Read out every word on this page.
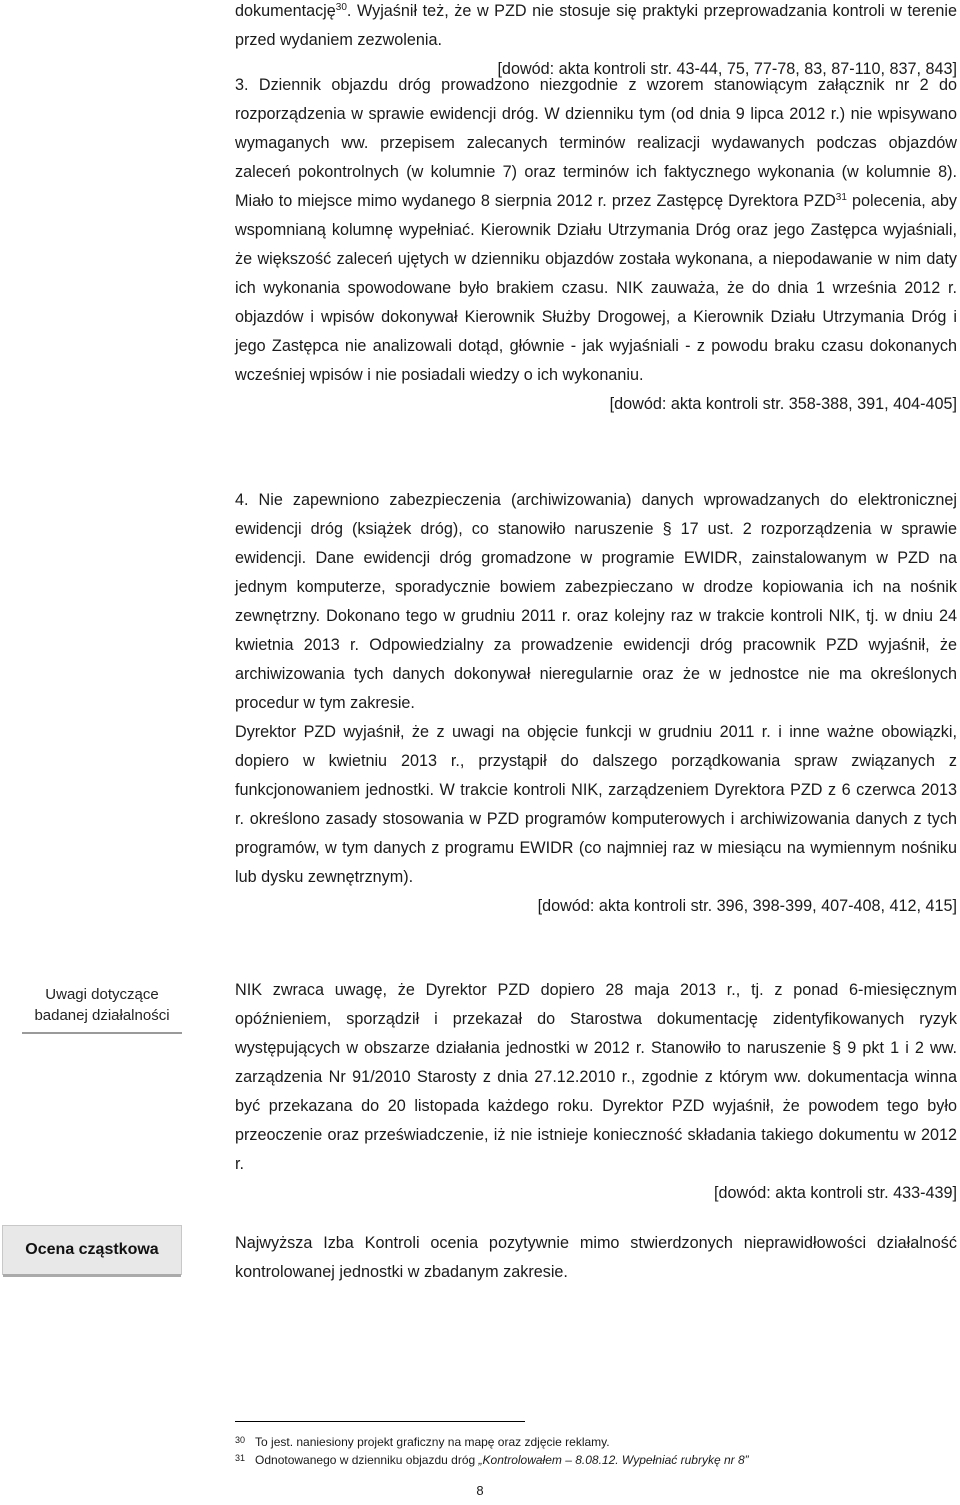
dokumentację$^{30}$. Wyjaśnił też, że w PZD nie stosuje się praktyki przeprowadzania kontroli w terenie przed wydaniem zezwolenia.

[dowód: akta kontroli str. 43-44, 75, 77-78, 83, 87-110, 837, 843]

3. Dziennik objazdu dróg prowadzono niezgodnie z wzorem stanowiącym załącznik nr 2 do rozporządzenia w sprawie ewidencji dróg. W dzienniku tym (od dnia 9 lipca 2012 r.) nie wpisywano wymaganych ww. przepisem zalecanych terminów realizacji wydawanych podczas objazdów zaleceń pokontrolnych (w kolumnie 7) oraz terminów ich faktycznego wykonania (w kolumnie 8). Miało to miejsce mimo wydanego 8 sierpnia 2012 r. przez Zastępcę Dyrektora PZD$^{31}$ polecenia, aby wspomnianą kolumnę wypełniać. Kierownik Działu Utrzymania Dróg oraz jego Zastępca wyjaśniali, że większość zaleceń ujętych w dzienniku objazdów została wykonana, a niepodawanie w nim daty ich wykonania spowodowane było brakiem czasu. NIK zauważa, że do dnia 1 września 2012 r. objazdów i wpisów dokonywał Kierownik Służby Drogowej, a Kierownik Działu Utrzymania Dróg i jego Zastępca nie analizowali dotąd, głównie - jak wyjaśniali - z powodu braku czasu dokonanych wcześniej wpisów i nie posiadali wiedzy o ich wykonaniu.

[dowód: akta kontroli str. 358-388, 391, 404-405]

4. Nie zapewniono zabezpieczenia (archiwizowania) danych wprowadzanych do elektronicznej ewidencji dróg (książek dróg), co stanowiło naruszenie § 17 ust. 2 rozporządzenia w sprawie ewidencji. Dane ewidencji dróg gromadzone w programie EWIDR, zainstalowanym w PZD na jednym komputerze, sporadycznie bowiem zabezpieczano w drodze kopiowania ich na nośnik zewnętrzny. Dokonano tego w grudniu 2011 r. oraz kolejny raz w trakcie kontroli NIK, tj. w dniu 24 kwietnia 2013 r. Odpowiedzialny za prowadzenie ewidencji dróg pracownik PZD wyjaśnił, że archiwizowania tych danych dokonywał nieregularnie oraz że w jednostce nie ma określonych procedur w tym zakresie.

Dyrektor PZD wyjaśnił, że z uwagi na objęcie funkcji w grudniu 2011 r. i inne ważne obowiązki, dopiero w kwietniu 2013 r., przystąpił do dalszego porządkowania spraw związanych z funkcjonowaniem jednostki. W trakcie kontroli NIK, zarządzeniem Dyrektora PZD z 6 czerwca 2013 r. określono zasady stosowania w PZD programów komputerowych i archiwizowania danych z tych programów, w tym danych z programu EWIDR (co najmniej raz w miesiącu na wymiennym nośniku lub dysku zewnętrznym).

[dowód: akta kontroli str. 396, 398-399, 407-408, 412, 415]

Uwagi dotyczące
badanej działalności

NIK zwraca uwagę, że Dyrektor PZD dopiero 28 maja 2013 r., tj. z ponad 6-miesięcznym opóźnieniem, sporządził i przekazał do Starostwa dokumentację zidentyfikowanych ryzyk występujących w obszarze działania jednostki w 2012 r. Stanowiło to naruszenie § 9 pkt 1 i 2 ww. zarządzenia Nr 91/2010 Starosty z dnia 27.12.2010 r., zgodnie z którym ww. dokumentacja winna być przekazana do 20 listopada każdego roku. Dyrektor PZD wyjaśnił, że powodem tego było przeoczenie oraz przeświadczenie, iż nie istnieje konieczność składania takiego dokumentu w 2012 r.

[dowód: akta kontroli str. 433-439]

Ocena cząstkowa	Najwyższa Izba Kontroli ocenia pozytywnie mimo stwierdzonych nieprawidłowości działalność kontrolowanej jednostki w zbadanym zakresie.

$^{30}$ To jest. naniesiony projekt graficzny na mapę oraz zdjęcie reklamy.

$^{31}$ Odnotowanego w dzienniku objazdu dróg „Kontrolowałem – 8.08.12. Wypełniać rubrykę nr 8”

8
